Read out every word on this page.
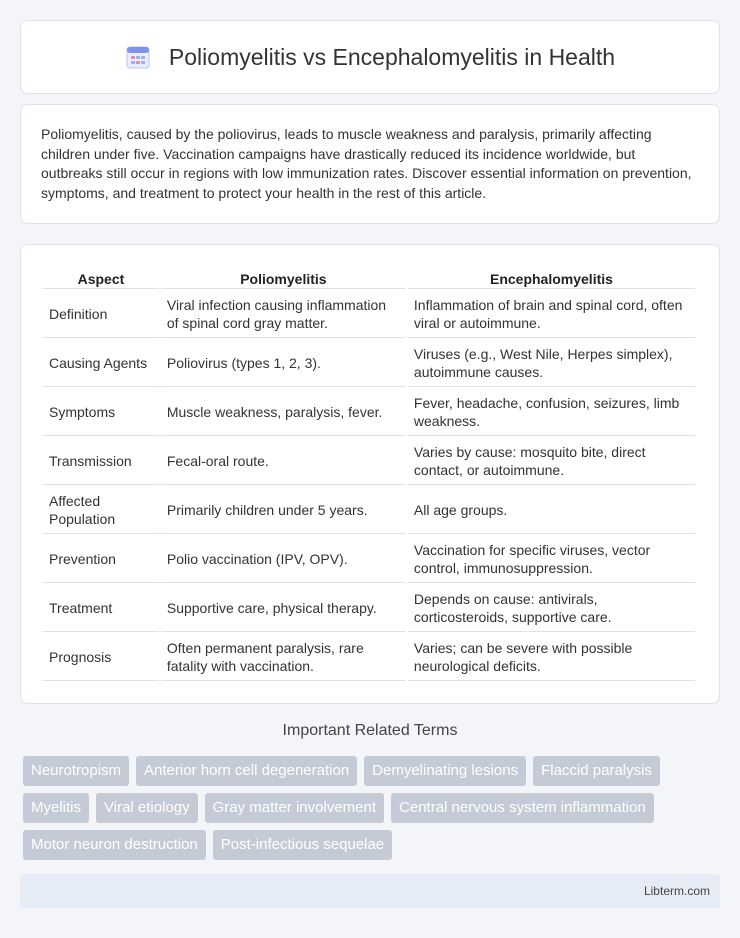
Poliomyelitis vs Encephalomyelitis in Health

Poliomyelitis, caused by the poliovirus, leads to muscle weakness and paralysis, primarily affecting children under five. Vaccination campaigns have drastically reduced its incidence worldwide, but outbreaks still occur in regions with low immunization rates. Discover essential information on prevention, symptoms, and treatment to protect your health in the rest of this article.

Aspect	Poliomyelitis	Encephalomyelitis
Definition	Viral infection causing inflammation of spinal cord gray matter.	Inflammation of brain and spinal cord, often viral or autoimmune.
Causing Agents	Poliovirus (types 1, 2, 3).	Viruses (e.g., West Nile, Herpes simplex), autoimmune causes.
Symptoms	Muscle weakness, paralysis, fever.	Fever, headache, confusion, seizures, limb weakness.
Transmission	Fecal-oral route.	Varies by cause: mosquito bite, direct contact, or autoimmune.
Affected Population	Primarily children under 5 years.	All age groups.
Prevention	Polio vaccination (IPV, OPV).	Vaccination for specific viruses, vector control, immunosuppression.
Treatment	Supportive care, physical therapy.	Depends on cause: antivirals, corticosteroids, supportive care.
Prognosis	Often permanent paralysis, rare fatality with vaccination.	Varies; can be severe with possible neurological deficits.
Important Related Terms
Neurotropism	Anterior horn cell degeneration	Demyelinating lesions	Flaccid paralysis
Myelitis	Viral etiology	Gray matter involvement	Central nervous system inflammation
Motor neuron destruction	Post-infectious sequelae
Libterm.com
